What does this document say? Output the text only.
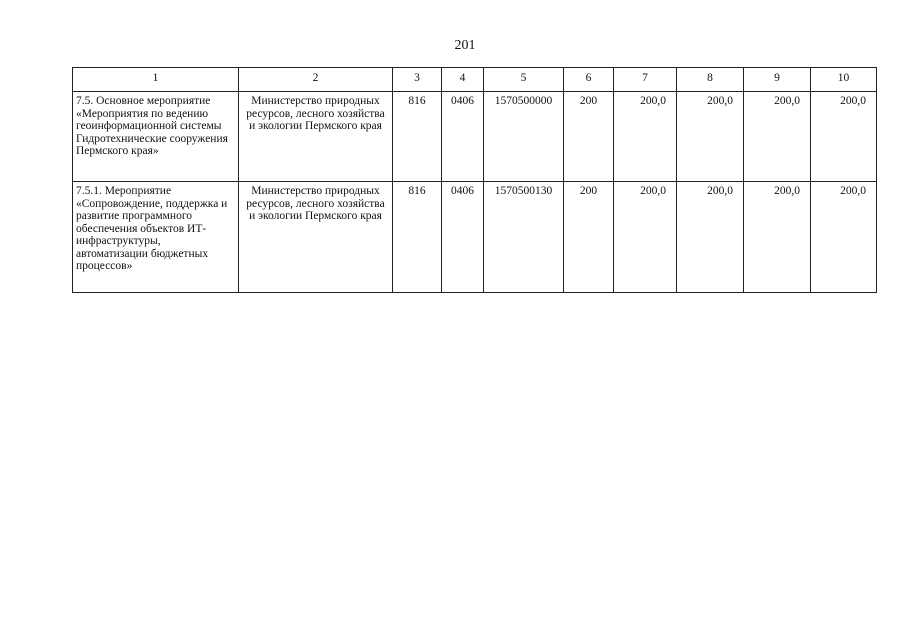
201
1	2	3	4	5	6	7	8	9	10
7.5. Основное мероприятие «Мероприятия по ведению геоинформационной системы Гидротехнические сооружения Пермского края»	Министерство природных ресурсов, лесного хозяйства и экологии Пермского края	816	0406	1570500000	200	200,0	200,0	200,0	200,0
7.5.1. Мероприятие «Сопровождение, поддержка и развитие программного обеспечения объектов ИТ-инфраструктуры, автоматизации бюджетных процессов»	Министерство природных ресурсов, лесного хозяйства и экологии Пермского края	816	0406	1570500130	200	200,0	200,0	200,0	200,0
